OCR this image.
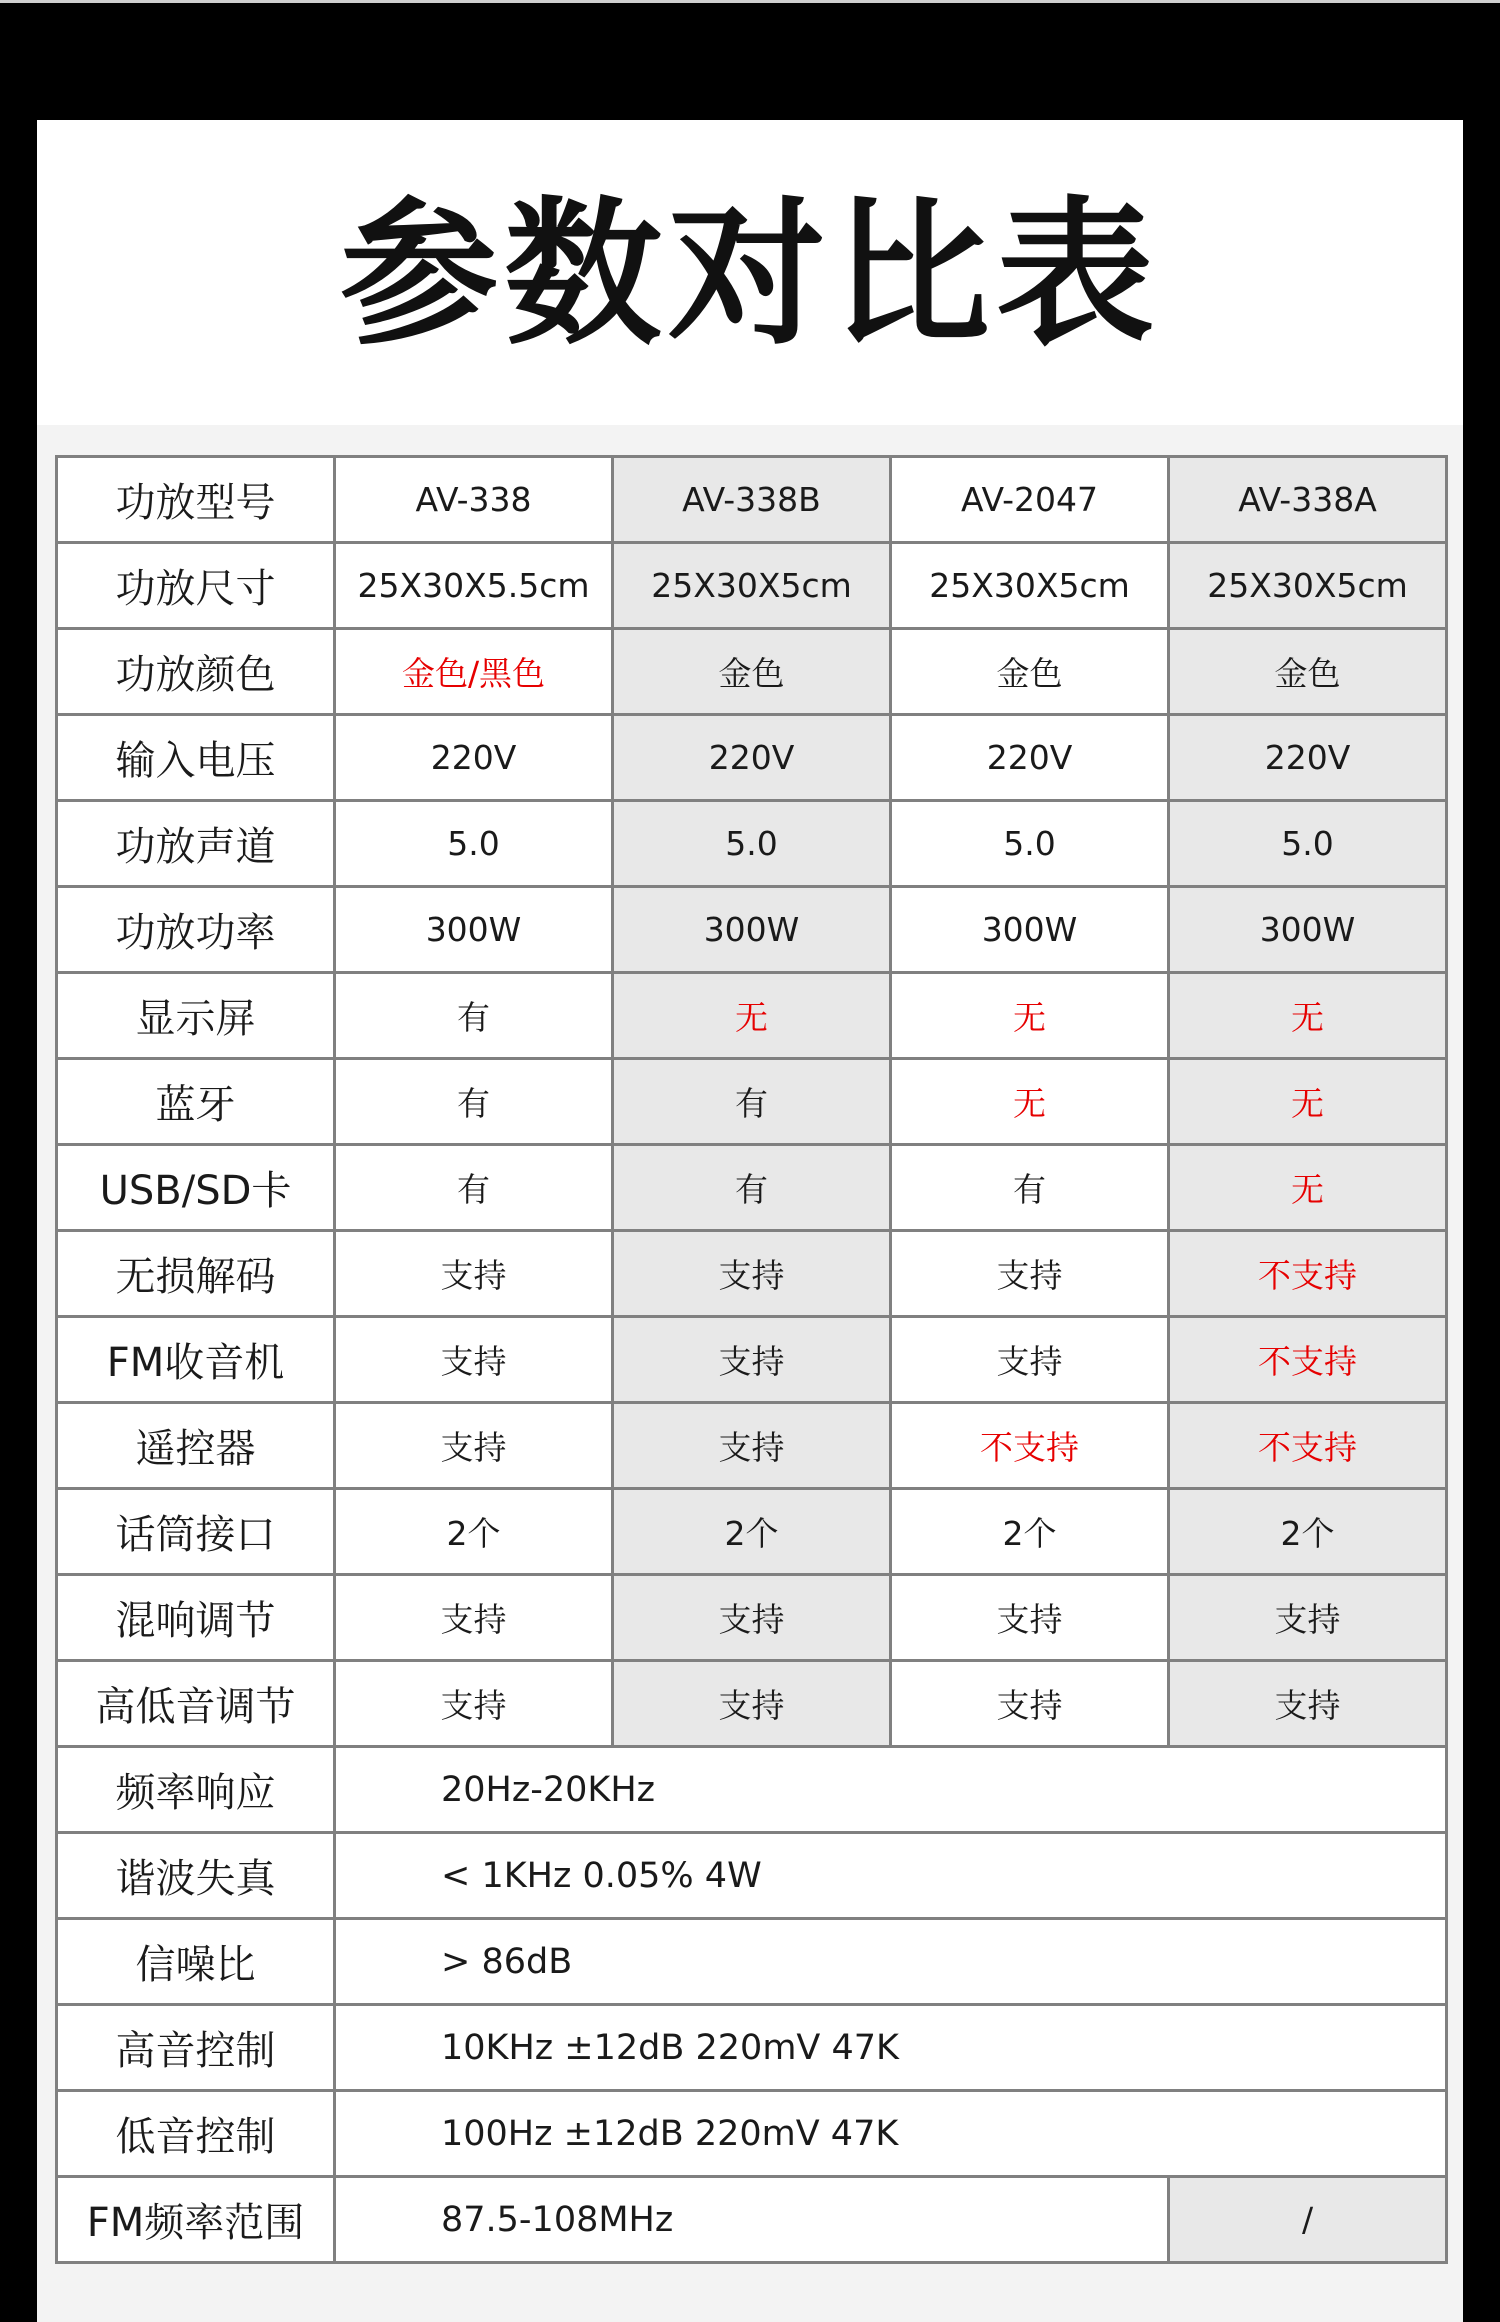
参数对比表
功放型号	AV-338	AV-338B	AV-2047	AV-338A
功放尺寸	25X30X5.5cm	25X30X5cm	25X30X5cm	25X30X5cm
功放颜色	金色/黑色	金色	金色	金色
输入电压	220V	220V	220V	220V
功放声道	5.0	5.0	5.0	5.0
功放功率	300W	300W	300W	300W
显示屏	有	无	无	无
蓝牙	有	有	无	无
USB/SD卡	有	有	有	无
无损解码	支持	支持	支持	不支持
FM收音机	支持	支持	支持	不支持
遥控器	支持	支持	不支持	不支持
话筒接口	2个	2个	2个	2个
混响调节	支持	支持	支持	支持
高低音调节	支持	支持	支持	支持
频率响应	20Hz-20KHz			
谐波失真	< 1KHz 0.05% 4W			
信噪比	> 86dB			
高音控制	10KHz ±12dB 220mV 47K			
低音控制	100Hz ±12dB 220mV 47K			
FM频率范围	87.5-108MHz			/
